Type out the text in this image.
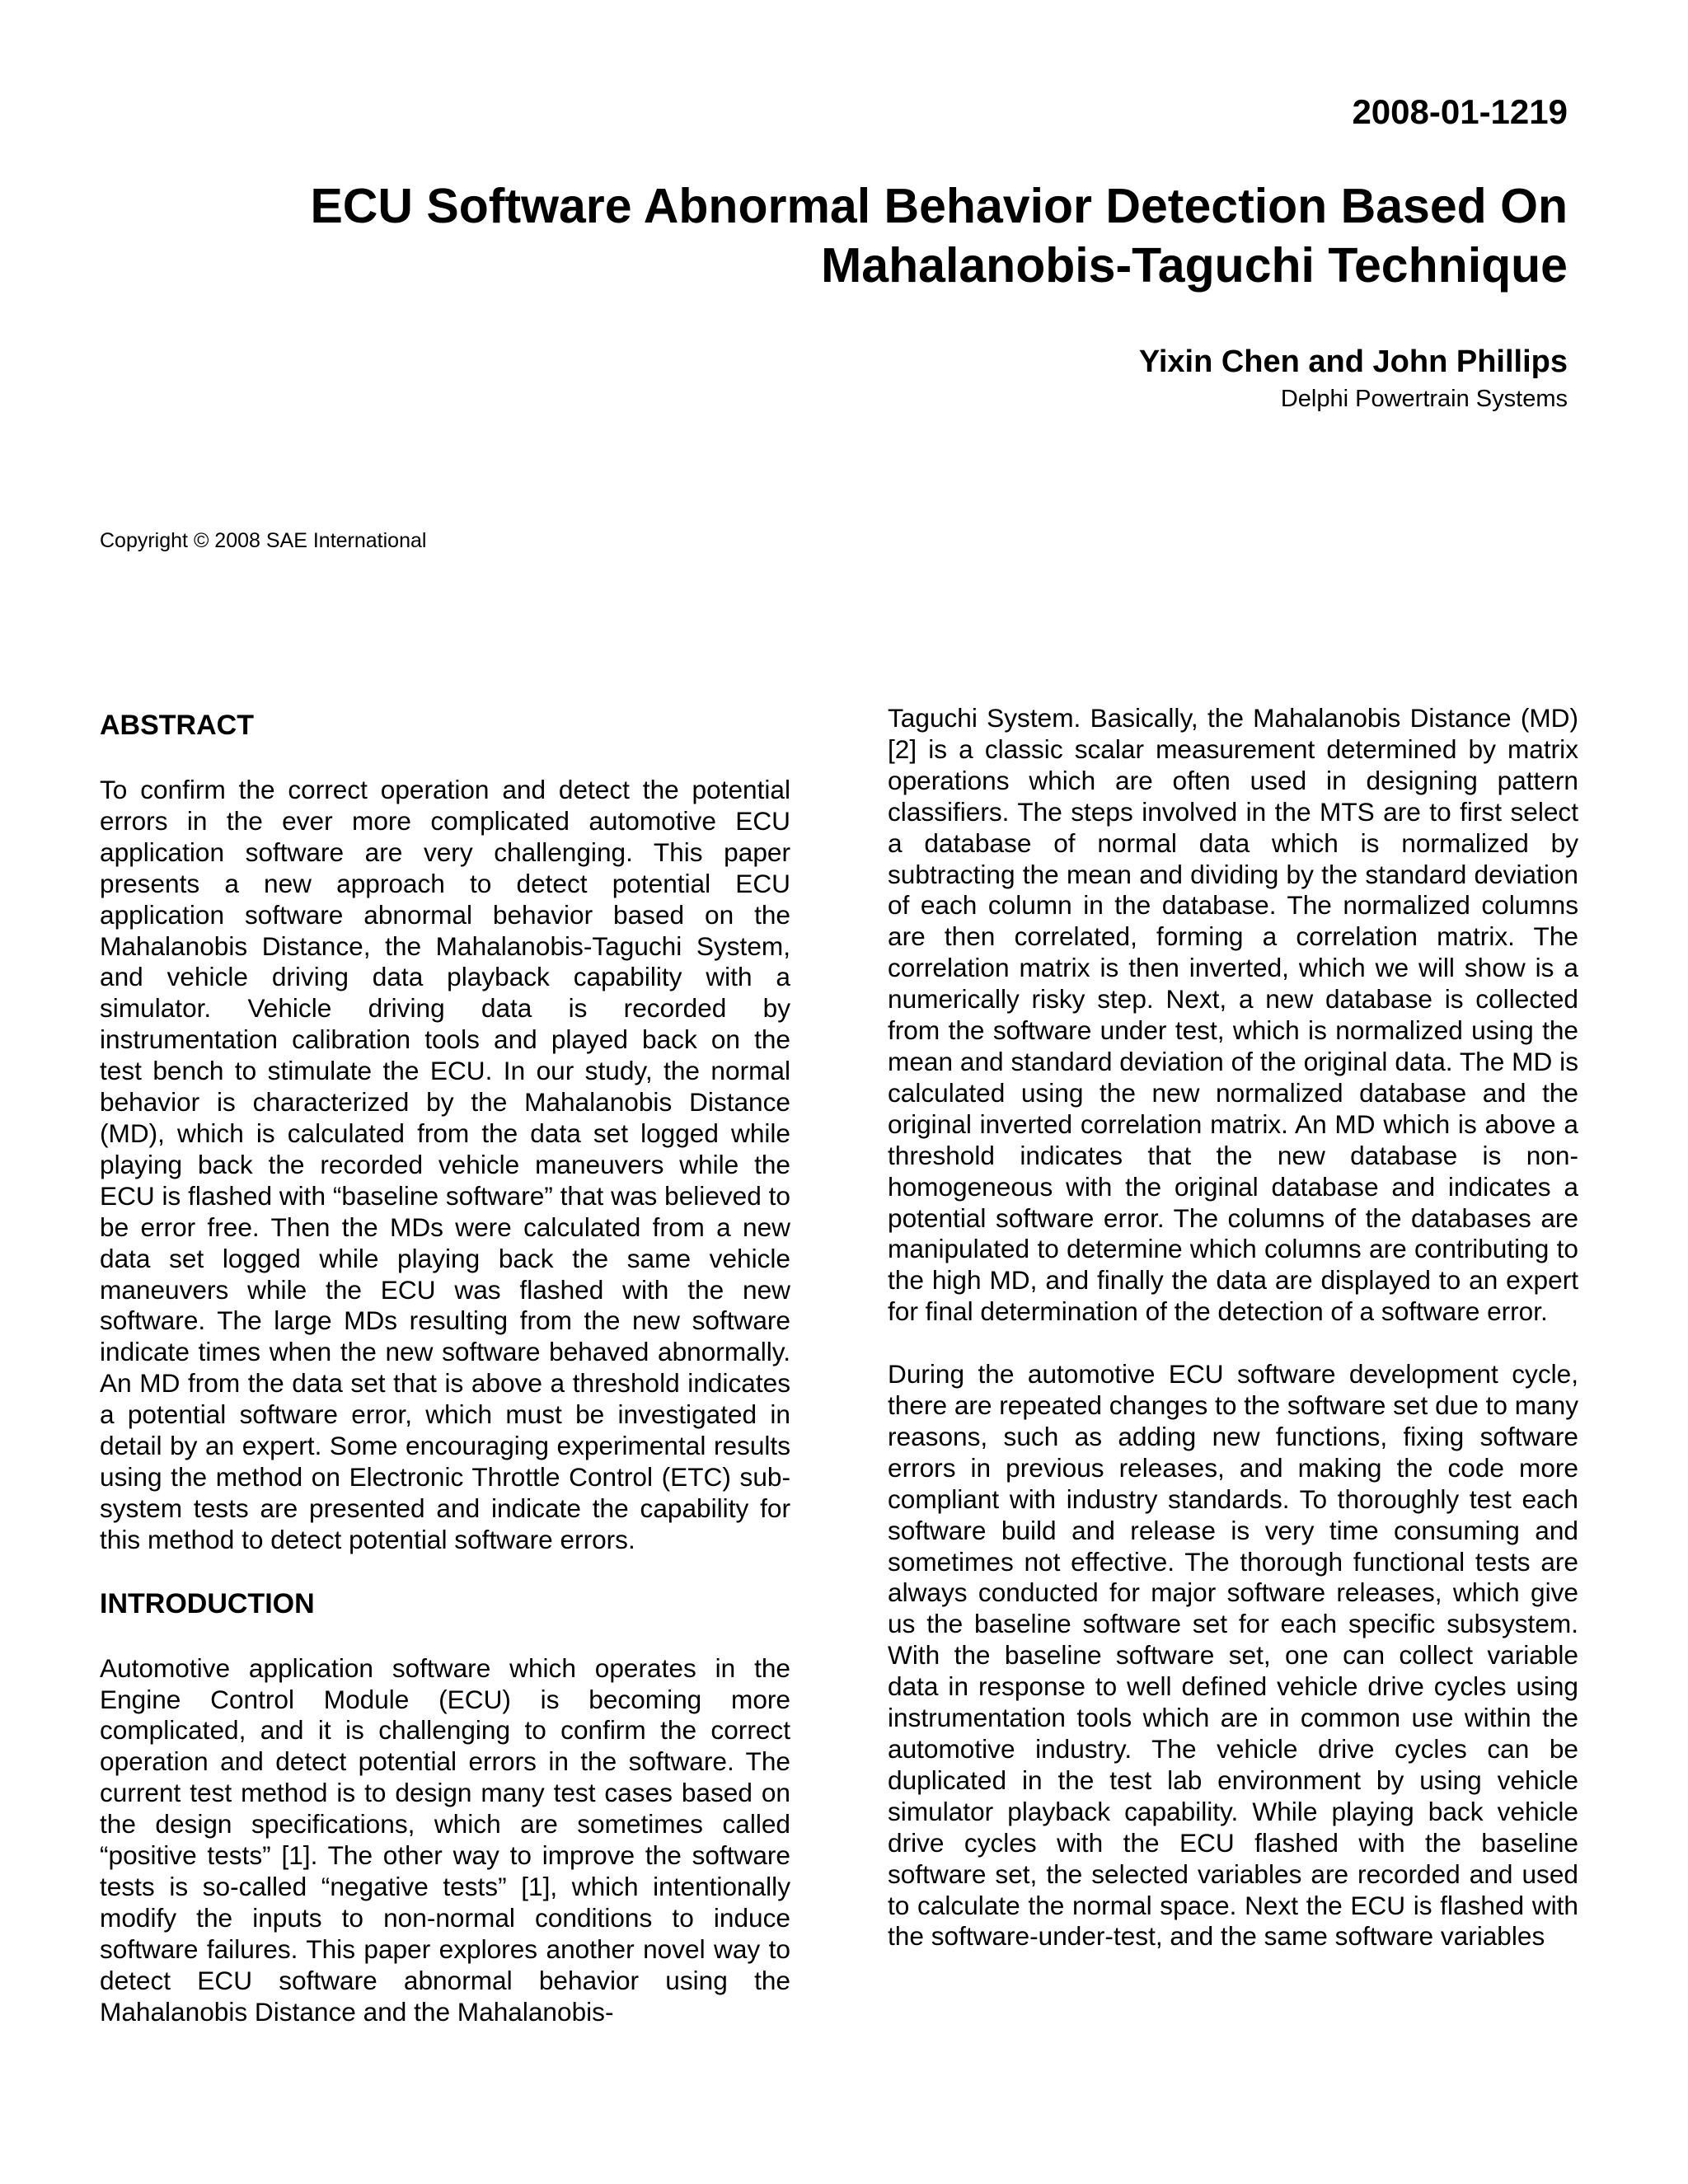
2008-01-1219
ECU Software Abnormal Behavior Detection Based On
Mahalanobis-Taguchi Technique
Yixin Chen and John Phillips
Delphi Powertrain Systems
Copyright © 2008 SAE International
ABSTRACT

To confirm the correct operation and detect the potential errors in the ever more complicated automotive ECU application software are very challenging. This paper presents a new approach to detect potential ECU application software abnormal behavior based on the Mahalanobis Distance, the Mahalanobis-Taguchi System, and vehicle driving data playback capability with a simulator. Vehicle driving data is recorded by instrumentation calibration tools and played back on the test bench to stimulate the ECU. In our study, the normal behavior is characterized by the Mahalanobis Distance (MD), which is calculated from the data set logged while playing back the recorded vehicle maneuvers while the ECU is flashed with “baseline software” that was believed to be error free. Then the MDs were calculated from a new data set logged while playing back the same vehicle maneuvers while the ECU was flashed with the new software. The large MDs resulting from the new software indicate times when the new software behaved abnormally. An MD from the data set that is above a threshold indicates a potential software error, which must be investigated in detail by an expert. Some encouraging experimental results using the method on Electronic Throttle Control (ETC) sub-system tests are presented and indicate the capability for this method to detect potential software errors.

INTRODUCTION

Automotive application software which operates in the Engine Control Module (ECU) is becoming more complicated, and it is challenging to confirm the correct operation and detect potential errors in the software. The current test method is to design many test cases based on the design specifications, which are sometimes called “positive tests” [1]. The other way to improve the software tests is so-called “negative tests” [1], which intentionally modify the inputs to non-normal conditions to induce software failures. This paper explores another novel way to detect ECU software abnormal behavior using the Mahalanobis Distance and the Mahalanobis-

Taguchi System. Basically, the Mahalanobis Distance (MD) [2] is a classic scalar measurement determined by matrix operations which are often used in designing pattern classifiers. The steps involved in the MTS are to first select a database of normal data which is normalized by subtracting the mean and dividing by the standard deviation of each column in the database. The normalized columns are then correlated, forming a correlation matrix. The correlation matrix is then inverted, which we will show is a numerically risky step. Next, a new database is collected from the software under test, which is normalized using the mean and standard deviation of the original data. The MD is calculated using the new normalized database and the original inverted correlation matrix. An MD which is above a threshold indicates that the new database is non-homogeneous with the original database and indicates a potential software error. The columns of the databases are manipulated to determine which columns are contributing to the high MD, and finally the data are displayed to an expert for final determination of the detection of a software error.

During the automotive ECU software development cycle, there are repeated changes to the software set due to many reasons, such as adding new functions, fixing software errors in previous releases, and making the code more compliant with industry standards. To thoroughly test each software build and release is very time consuming and sometimes not effective. The thorough functional tests are always conducted for major software releases, which give us the baseline software set for each specific subsystem. With the baseline software set, one can collect variable data in response to well defined vehicle drive cycles using instrumentation tools which are in common use within the automotive industry. The vehicle drive cycles can be duplicated in the test lab environment by using vehicle simulator playback capability. While playing back vehicle drive cycles with the ECU flashed with the baseline software set, the selected variables are recorded and used to calculate the normal space. Next the ECU is flashed with the software-under-test, and the same software variables
